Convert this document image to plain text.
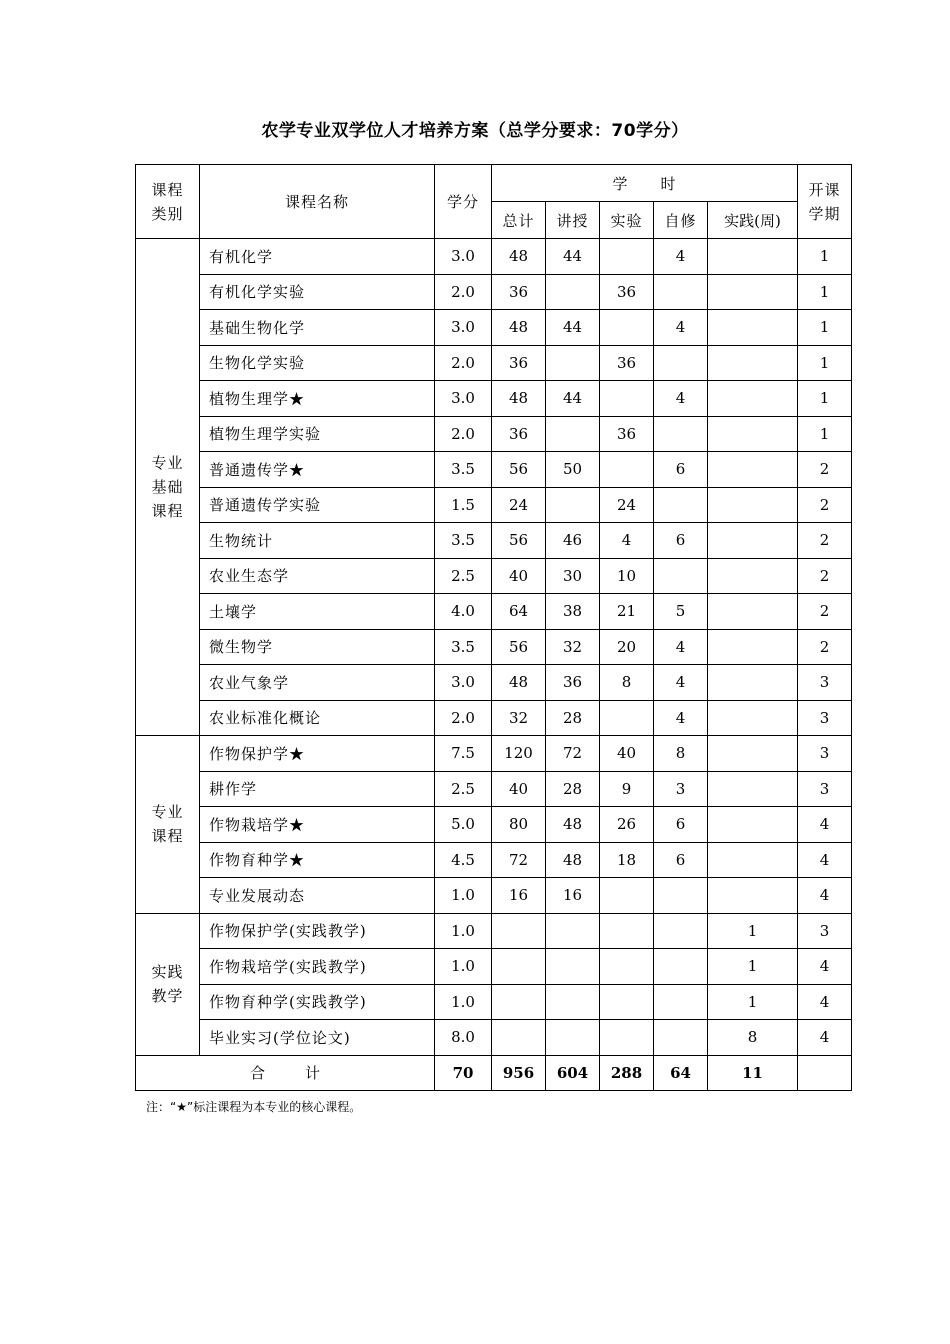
农学专业双学位人才培养方案（总学分要求：70学分）
课程
类别	课程名称	学分	学　　时					开课
学期
			总计	讲授	实验	自修	实践(周)	
专业
基础
课程	有机化学	3.0	48	44		4		1
	有机化学实验	2.0	36		36			1
	基础生物化学	3.0	48	44		4		1
	生物化学实验	2.0	36		36			1
	植物生理学★	3.0	48	44		4		1
	植物生理学实验	2.0	36		36			1
	普通遗传学★	3.5	56	50		6		2
	普通遗传学实验	1.5	24		24			2
	生物统计	3.5	56	46	4	6		2
	农业生态学	2.5	40	30	10			2
	土壤学	4.0	64	38	21	5		2
	微生物学	3.5	56	32	20	4		2
	农业气象学	3.0	48	36	8	4		3
	农业标准化概论	2.0	32	28		4		3
专业
课程	作物保护学★	7.5	120	72	40	8		3
	耕作学	2.5	40	28	9	3		3
	作物栽培学★	5.0	80	48	26	6		4
	作物育种学★	4.5	72	48	18	6		4
	专业发展动态	1.0	16	16				4
实践
教学	作物保护学(实践教学)	1.0					1	3
	作物栽培学(实践教学)	1.0					1	4
	作物育种学(实践教学)	1.0					1	4
	毕业实习(学位论文)	8.0					8	4
合 计		70	956	604	288	64	11	
注：“★”标注课程为本专业的核心课程。
